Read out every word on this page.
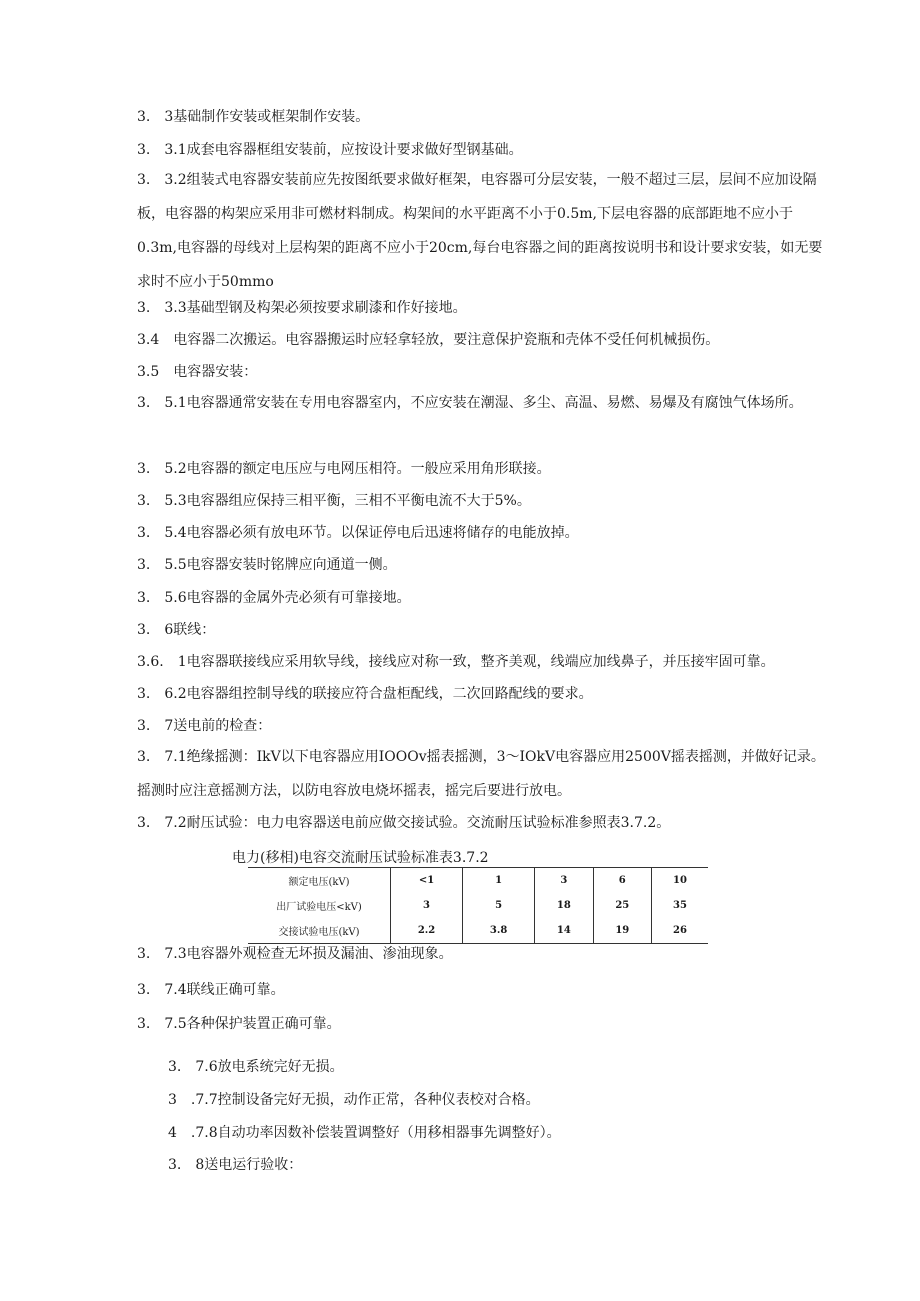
3.　3基础制作安装或框架制作安装。
3.　3.1成套电容器框组安装前，应按设计要求做好型钢基础。
3.　3.2组装式电容器安装前应先按图纸要求做好框架，电容器可分层安装，一般不超过三层，层间不应加设隔板，电容器的构架应采用非可燃材料制成。构架间的水平距离不小于0.5m,下层电容器的底部距地不应小于0.3m,电容器的母线对上层构架的距离不应小于20cm,每台电容器之间的距离按说明书和设计要求安装，如无要求时不应小于50mmo
3.　3.3基础型钢及构架必须按要求刷漆和作好接地。
3.4　电容器二次搬运。电容器搬运时应轻拿轻放，要注意保护瓷瓶和壳体不受任何机械损伤。
3.5　电容器安装：
3.　5.1电容器通常安装在专用电容器室内，不应安装在潮湿、多尘、高温、易燃、易爆及有腐蚀气体场所。
3.　5.2电容器的额定电压应与电网压相符。一般应采用角形联接。
3.　5.3电容器组应保持三相平衡，三相不平衡电流不大于5%。
3.　5.4电容器必须有放电环节。以保证停电后迅速将储存的电能放掉。
3.　5.5电容器安装时铭牌应向通道一侧。
3.　5.6电容器的金属外壳必须有可靠接地。
3.　6联线：
3.6.　1电容器联接线应采用软导线，接线应对称一致，整齐美观，线端应加线鼻子，并压接牢固可靠。
3.　6.2电容器组控制导线的联接应符合盘柜配线，二次回路配线的要求。
3.　7送电前的检查：
3.　7.1绝缘摇测：IkV以下电容器应用IOOOv摇表摇测，3～IOkV电容器应用2500V摇表摇测，并做好记录。摇测时应注意摇测方法，以防电容放电烧坏摇表，摇完后要进行放电。
3.　7.2耐压试验：电力电容器送电前应做交接试验。交流耐压试验标准参照表3.7.2。
电力(移相)电容交流耐压试验标准表3.7.2
额定电压(kV)	<1	1	3	6	10
出厂试验电压<kV)	3	5	18	25	35
交接试验电压(kV)	2.2	3.8	14	19	26
3.　7.3电容器外观检查无坏损及漏油、渗油现象。
3.　7.4联线正确可靠。
3.　7.5各种保护装置正确可靠。
3.　7.6放电系统完好无损。
3　.7.7控制设备完好无损，动作正常，各种仪表校对合格。
4　.7.8自动功率因数补偿装置调整好（用移相器事先调整好）。
3.　8送电运行验收：
